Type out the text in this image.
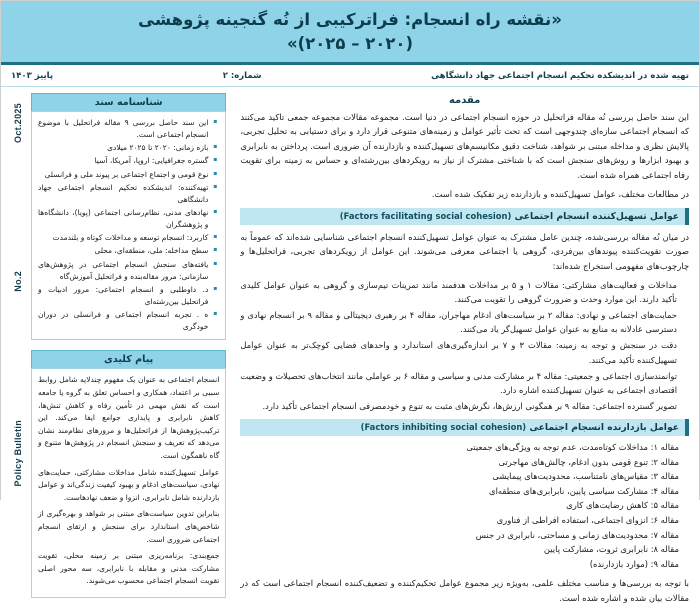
«نقشه راه انسجام: فراترکیبی از نُه گنجینه پژوهشی
(۲۰۲۰ – ۲۰۲۵)»
تهیه شده در اندیشکده تحکیم انسجام اجتماعی جهاد دانشگاهی
شماره: ۲
پاییز ۱۴۰۳
مقدمه

این سند حاصل بررسی نُه مقاله فراتحلیل در حوزه انسجام اجتماعی در دنیا است. مجموعه مقالات مجموعه جمعی تاکید می‌کنند که انسجام اجتماعی سازه‌ای چندوجهی است که تحت تأثیر عوامل و زمینه‌های متنوعی قرار دارد و برای دستیابی به تحلیل تجربی، پالایش نظری و مداخله مبتنی بر شواهد، شناخت دقیق مکانیسم‌های تسهیل‌کننده و بازدارنده آن ضروری است. پرداختن به نابرابری و بهبود ابزارها و روش‌های سنجش است که با شناختی مشترک از نیاز به رویکردهای بین‌رشته‌ای و حساس به زمینه برای تقویت رفاه اجتماعی همراه شده است.

در مطالعات مختلف، عوامل تسهیل‌کننده و بازدارنده زیر تفکیک شده است.

عوامل تسهیل‌کننده انسجام اجتماعی (Factors facilitating social cohesion)

در میان نُه مقاله بررسی‌شده، چندین عامل مشترک به عنوان عوامل تسهیل‌کننده انسجام اجتماعی شناسایی شده‌اند که عموماً به صورت تقویت‌کننده پیوندهای بین‌فردی، گروهی یا اجتماعی معرفی می‌شوند. این عوامل از رویکردهای تجربی، فراتحلیل‌ها و چارچوب‌های مفهومی استخراج شده‌اند:

مداخلات و فعالیت‌های مشارکتی: مقالات ۱ و ۵ بر مداخلات هدفمند مانند تمرینات تیم‌سازی و گروهی به عنوان عوامل کلیدی تأکید دارند. این موارد وحدت و ضرورت گروهی را تقویت می‌کنند.
حمایت‌های اجتماعی و نهادی: مقاله ۲ بر سیاست‌های ادغام مهاجران، مقاله ۴ بر رهبری دیجیتالی و مقاله ۹ بر انسجام نهادی و دسترسی عادلانه به منابع به عنوان عوامل تسهیل‌گر یاد می‌کنند.
دقت در سنجش و توجه به زمینه: مقالات ۳ و ۷ بر اندازه‌گیری‌های استاندارد و واحدهای فضایی کوچک‌تر به عنوان عوامل تسهیل‌کننده تأکید می‌کنند.
توانمندسازی اجتماعی و جمعیتی: مقاله ۴ بر مشارکت مدنی و سیاسی و مقاله ۶ بر عواملی مانند انتخاب‌های تحصیلات و وضعیت اقتصادی اجتماعی به عنوان تسهیل‌کننده اشاره دارد.
تصویر گسترده اجتماعی: مقاله ۹ بر همگونی ارزش‌ها، نگرش‌های مثبت به تنوع و خودمصرفی انسجام اجتماعی تأکید دارد.
عوامل بازدارنده انسجام اجتماعی (Factors inhibiting social cohesion)
مقاله ۱: مداخلات کوتاه‌مدت، عدم توجه به ویژگی‌های جمعیتی
مقاله ۲: تنوع قومی بدون ادغام، چالش‌های مهاجرتی
مقاله ۳: مقیاس‌های نامتناسب، محدودیت‌های پیمایشی
مقاله ۴: مشارکت سیاسی پایین، نابرابری‌های منطقه‌ای
مقاله ۵: کاهش رضایت‌های کاری
مقاله ۶: انزوای اجتماعی، استفاده افراطی از فناوری
مقاله ۷: محدودیت‌های زمانی و مساحتی، نابرابری در جنس
مقاله ۸: نابرابری ثروت، مشارکت پایین
مقاله ۹: (موارد بازدارنده)

با توجه به بررسی‌ها و مناسب مختلف علمی، به‌ویژه زیر مجموع عوامل تحکیم‌کننده و تضعیف‌کننده انسجام اجتماعی است که در مقالات بیان شده و اشاره شده است.

شناسنامه سند
▪ این سند حاصل بررسی ۹ مقاله فراتحلیل با موضوع انسجام اجتماعی است.
▪ بازه زمانی: ۲۰۲۰ تا ۲۰۲۵ میلادی
▪ گستره جغرافیایی: اروپا، آمریکا، آسیا
▪ نوع قومی و اجتماع اجتماعی بر پیوند ملی و فرانسلی
▪ تهیه‌کننده: اندیشکده تحکیم انسجام اجتماعی جهاد دانشگاهی
▪ نهادهای مدنی، نظام‌رسانی اجتماعی (پویا)، دانشگاه‌ها و پژوهشگران
▪ کاربرد: انسجام توسعه و مداخلات کوتاه و بلند‌مدت
▪ سطح مداخله: ملی، منطقه‌ای، محلی
▪ یافته‌های سنجش انسجام اجتماعی در پژوهش‌های سازمانی: مرور مقاله‌بنده و فراتحلیل آموزش‌گاه
▪ د. داوطلبی و انسجام اجتماعی: مرور ادبیات و فراتحلیل بین‌رشته‌ای
▪ ه . تجربه انسجام اجتماعی و فرانسلی در دوران خودگری
پیام کلیدی

انسجام اجتماعی به عنوان یک مفهوم چندلایه شامل روابط سببی بر اعتماد، همکاری و احساس تعلق به گروه یا جامعه است که نقش مهمی در تأمین رفاه و کاهش تنش‌ها، کاهش نابرابری و پایداری جوامع ایفا می‌کند. این ترکیب‌پژوهش‌ها از فراتحلیل‌ها و مرورهای نظام‌مند نشان می‌دهد که تعریف و سنجش انسجام در پژوهش‌ها متنوع و گاه ناهمگون است.

عوامل تسهیل‌کننده شامل مداخلات مشارکتی، حمایت‌های نهادی، سیاست‌های ادغام و بهبود کیفیت زندگی‌اند و عوامل بازدارنده شامل نابرابری، انزوا و ضعف نهادهاست.

بنابراین تدوین سیاست‌های مبتنی بر شواهد و بهره‌گیری از شاخص‌های استاندارد برای سنجش و ارتقای انسجام اجتماعی ضروری است.

جمع‌بندی: برنامه‌ریزی مبتنی بر زمینه محلی، تقویت مشارکت مدنی و مقابله با نابرابری، سه محور اصلی تقویت انسجام اجتماعی محسوب می‌شوند.

Oct.2025
No.2
Policy Bulletin
